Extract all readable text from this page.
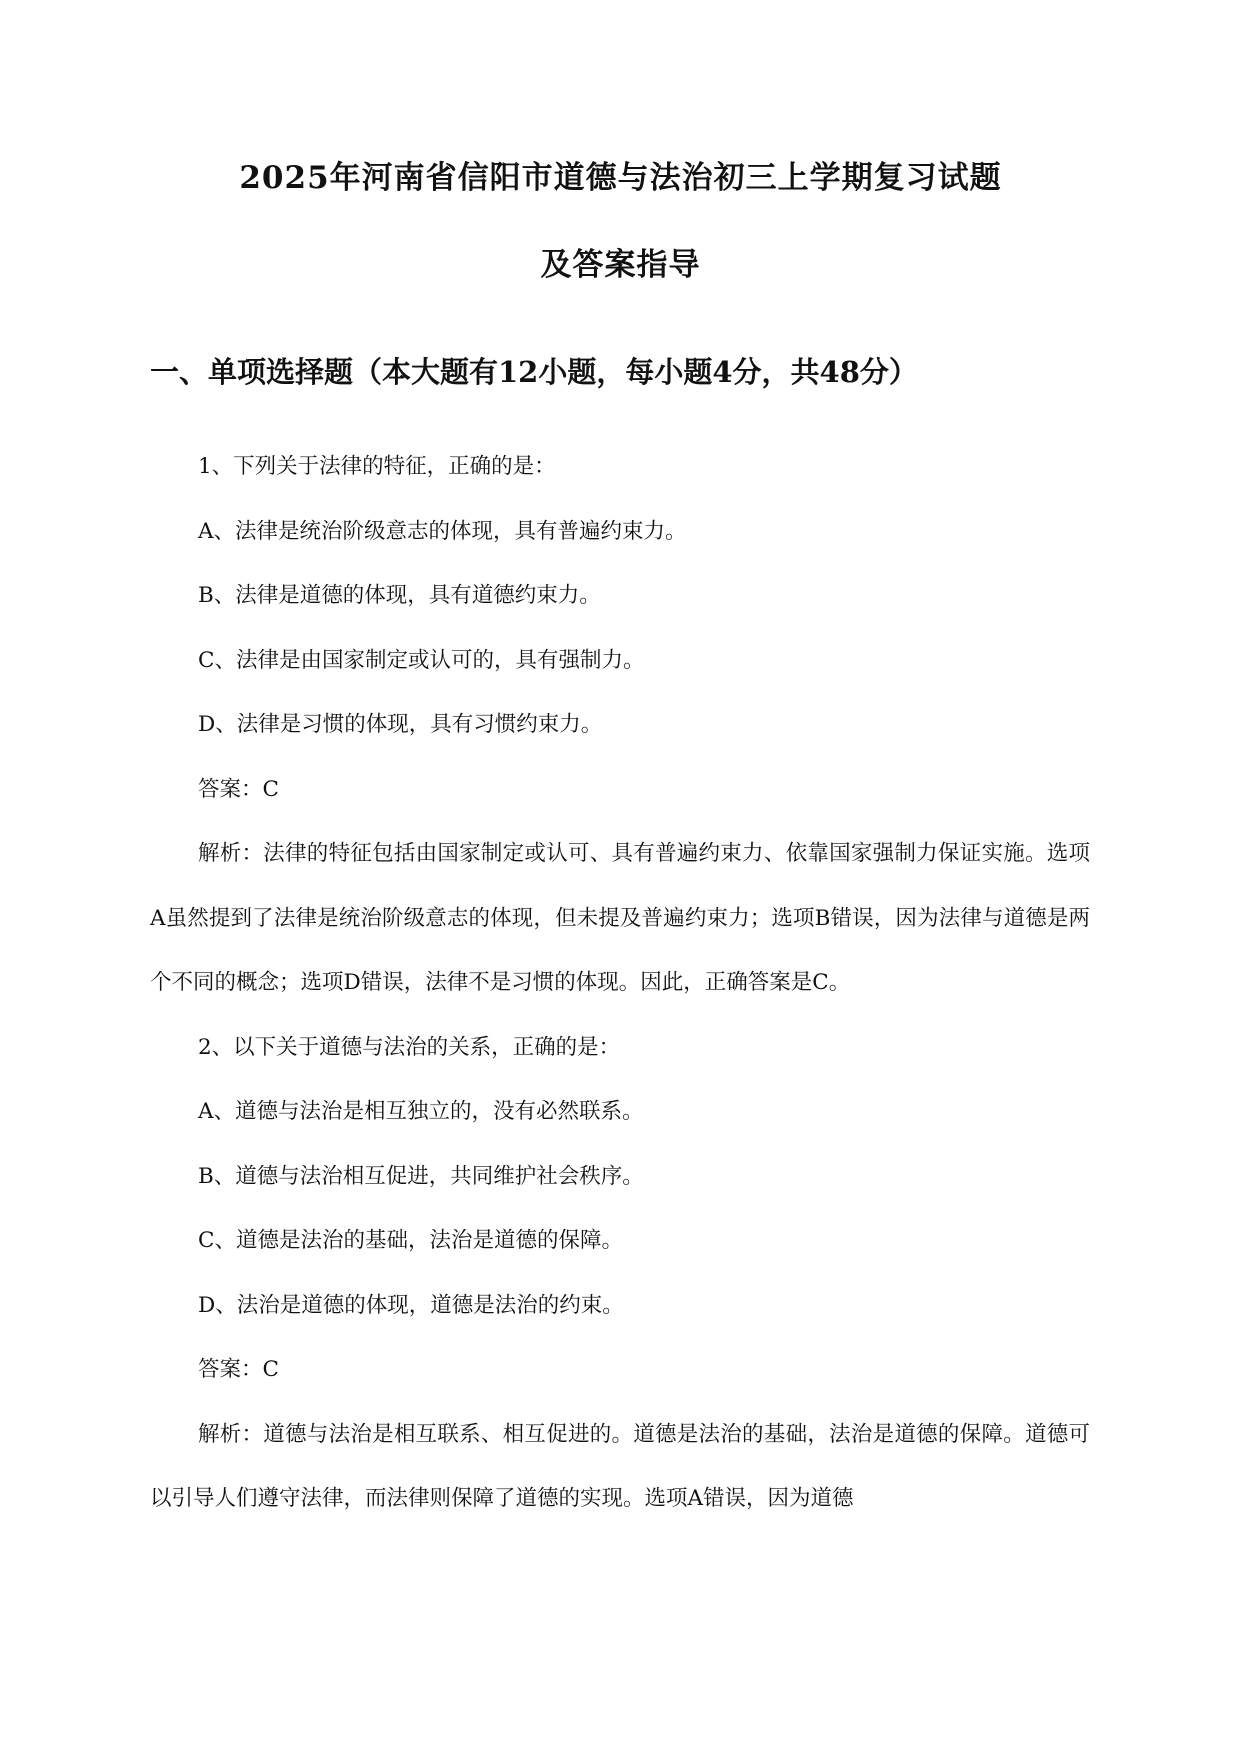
2025年河南省信阳市道德与法治初三上学期复习试题
及答案指导
一、单项选择题（本大题有12小题，每小题4分，共48分）
1、下列关于法律的特征，正确的是：
A、法律是统治阶级意志的体现，具有普遍约束力。
B、法律是道德的体现，具有道德约束力。
C、法律是由国家制定或认可的，具有强制力。
D、法律是习惯的体现，具有习惯约束力。
答案：C

解析：法律的特征包括由国家制定或认可、具有普遍约束力、依靠国家强制力保证实施。选项A虽然提到了法律是统治阶级意志的体现，但未提及普遍约束力；选项B错误，因为法律与道德是两个不同的概念；选项D错误，法律不是习惯的体现。因此，正确答案是C。

2、以下关于道德与法治的关系，正确的是：
A、道德与法治是相互独立的，没有必然联系。
B、道德与法治相互促进，共同维护社会秩序。
C、道德是法治的基础，法治是道德的保障。
D、法治是道德的体现，道德是法治的约束。
答案：C

解析：道德与法治是相互联系、相互促进的。道德是法治的基础，法治是道德的保障。道德可以引导人们遵守法律，而法律则保障了道德的实现。选项A错误，因为道德
